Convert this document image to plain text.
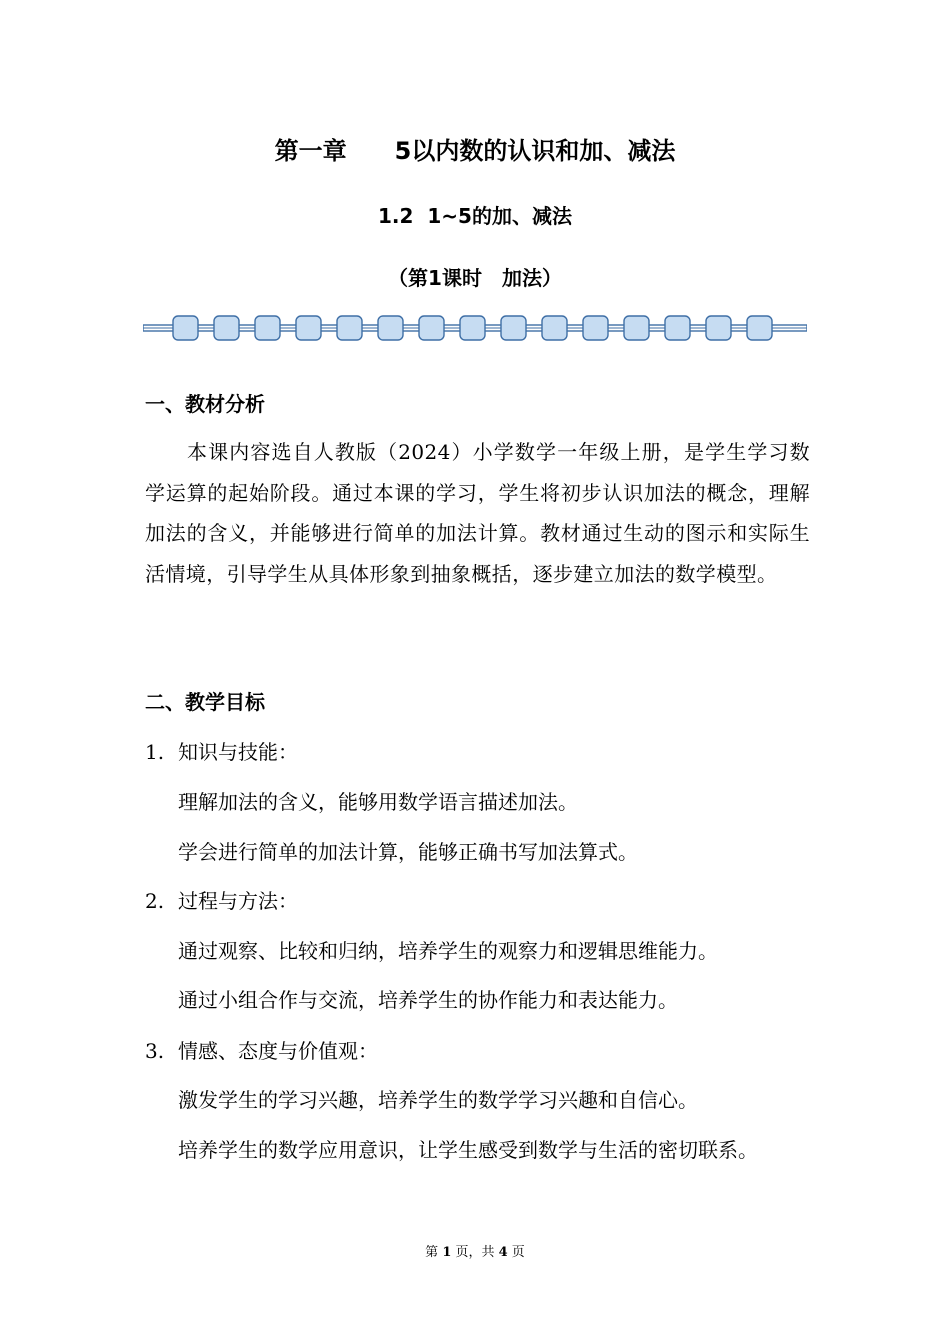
第一章　　5以内数的认识和加、减法
1.2  1~5的加、减法
（第1课时　加法）
一、教材分析
本课内容选自人教版（2024）小学数学一年级上册，是学生学习数学运算的起始阶段。通过本课的学习，学生将初步认识加法的概念，理解加法的含义，并能够进行简单的加法计算。教材通过生动的图示和实际生活情境，引导学生从具体形象到抽象概括，逐步建立加法的数学模型。
二、教学目标
1. 知识与技能：
理解加法的含义，能够用数学语言描述加法。
学会进行简单的加法计算，能够正确书写加法算式。
2. 过程与方法：
通过观察、比较和归纳，培养学生的观察力和逻辑思维能力。
通过小组合作与交流，培养学生的协作能力和表达能力。
3. 情感、态度与价值观：
激发学生的学习兴趣，培养学生的数学学习兴趣和自信心。
培养学生的数学应用意识，让学生感受到数学与生活的密切联系。
第 1 页，共 4 页
